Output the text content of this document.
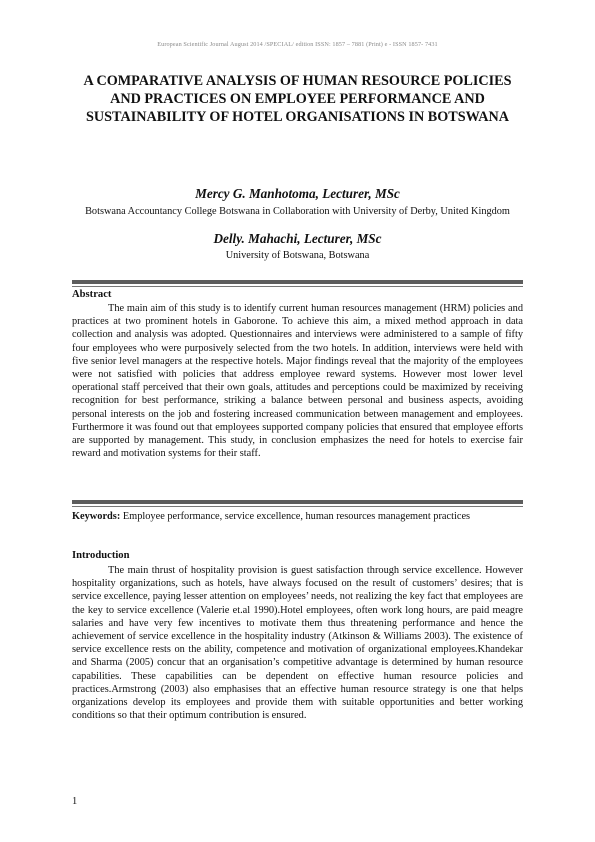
European Scientific Journal August 2014 /SPECIAL/ edition ISSN: 1857 – 7881 (Print) e - ISSN 1857- 7431
A COMPARATIVE ANALYSIS OF HUMAN RESOURCE POLICIES AND PRACTICES ON EMPLOYEE PERFORMANCE AND SUSTAINABILITY OF HOTEL ORGANISATIONS IN BOTSWANA
Mercy G. Manhotoma, Lecturer, MSc
Botswana Accountancy College Botswana in Collaboration with University of Derby, United Kingdom
Delly. Mahachi, Lecturer, MSc
University of Botswana, Botswana
Abstract

The main aim of this study is to identify current human resources management (HRM) policies and practices at two prominent hotels in Gaborone. To achieve this aim, a mixed method approach in data collection and analysis was adopted. Questionnaires and interviews were administered to a sample of fifty four employees who were purposively selected from the two hotels. In addition, interviews were held with five senior level managers at the respective hotels. Major findings reveal that the majority of the employees were not satisfied with policies that address employee reward systems. However most lower level operational staff perceived that their own goals, attitudes and perceptions could be maximized by receiving recognition for best performance, striking a balance between personal and business aspects, avoiding personal interests on the job and fostering increased communication between management and employees. Furthermore it was found out that employees supported company policies that ensured that employee efforts are supported by management. This study, in conclusion emphasizes the need for hotels to exercise fair reward and motivation systems for their staff.

Keywords: Employee performance, service excellence, human resources management practices

Introduction

The main thrust of hospitality provision is guest satisfaction through service excellence. However hospitality organizations, such as hotels, have always focused on the result of customers’ desires; that is service excellence, paying lesser attention on employees’ needs, not realizing the key fact that employees are the key to service excellence (Valerie et.al 1990).Hotel employees, often work long hours, are paid meagre salaries and have very few incentives to motivate them thus threatening performance and hence the achievement of service excellence in the hospitality industry (Atkinson & Williams 2003). The existence of service excellence rests on the ability, competence and motivation of organizational employees.Khandekar and Sharma (2005) concur that an organisation’s competitive advantage is determined by human resource capabilities. These capabilities can be dependent on effective human resource policies and practices.Armstrong (2003) also emphasises that an effective human resource strategy is one that helps organizations develop its employees and provide them with suitable opportunities and better working conditions so that their optimum contribution is ensured.

1
